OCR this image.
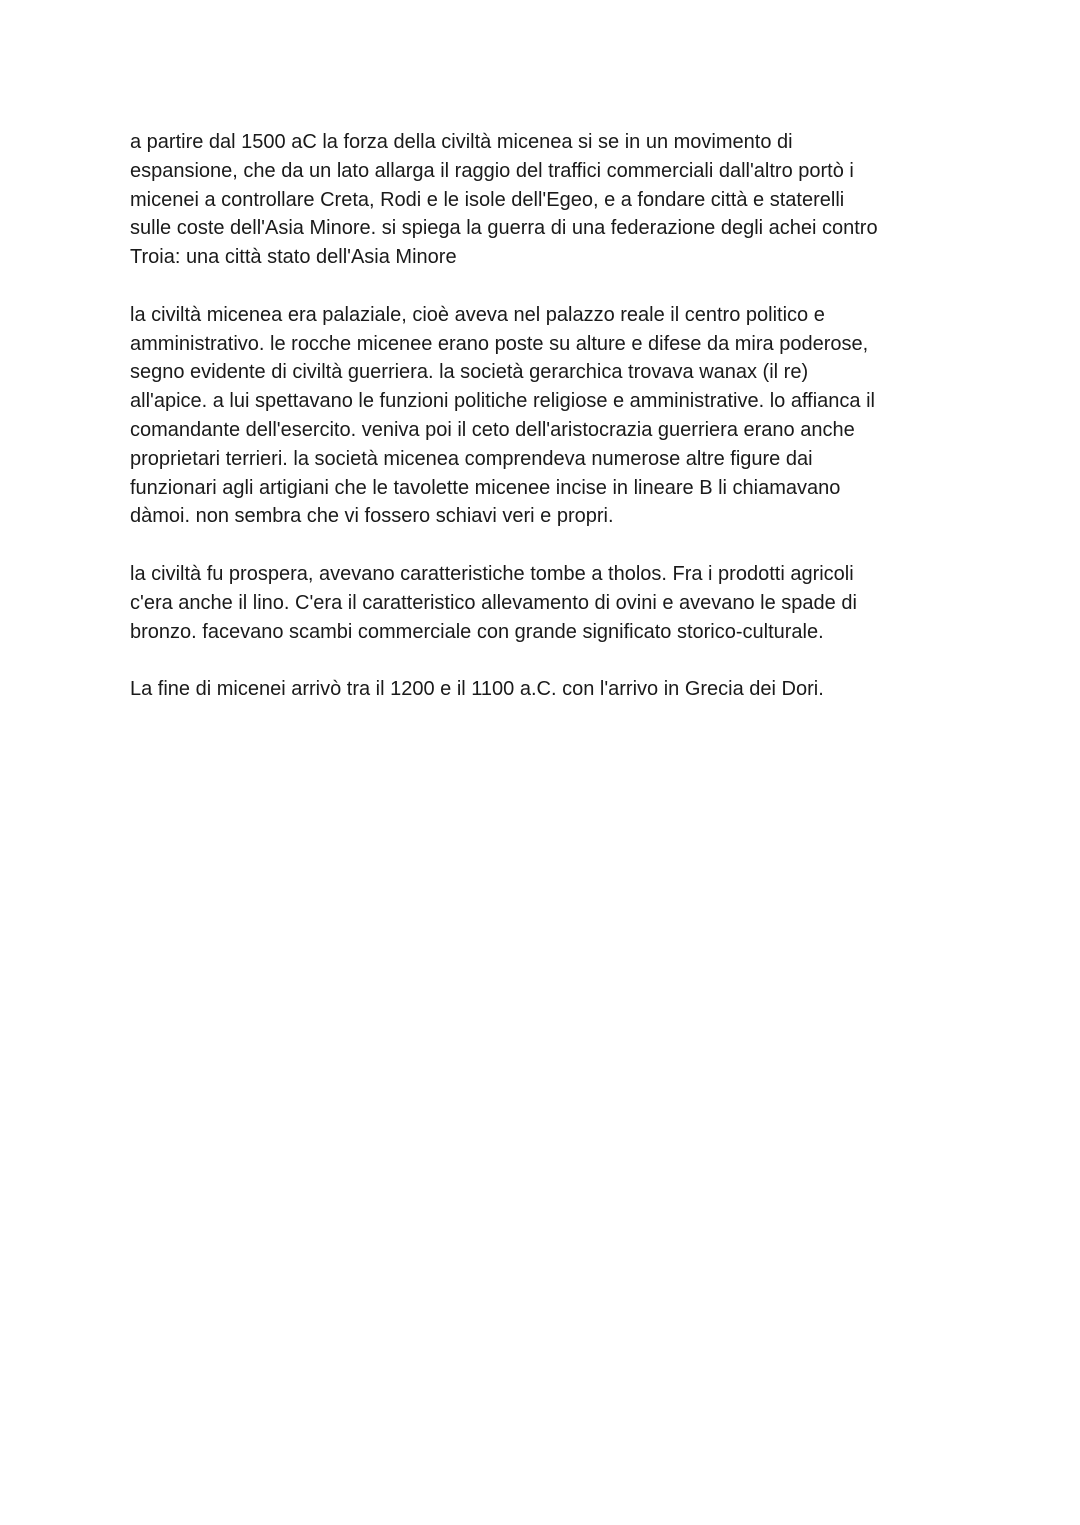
a partire dal 1500 aC la forza della civiltà micenea si se in un movimento di
espansione, che da un lato allarga il raggio del traffici commerciali dall'altro portò i
micenei a controllare Creta, Rodi e le isole dell'Egeo, e a fondare città e staterelli
sulle coste dell'Asia Minore. si spiega la guerra di una federazione degli achei contro
Troia: una città stato dell'Asia Minore
la civiltà micenea era palaziale, cioè aveva nel palazzo reale il centro politico e
amministrativo. le rocche micenee erano poste su alture e difese da mira poderose,
segno evidente di civiltà guerriera. la società gerarchica trovava wanax (il re)
all'apice. a lui spettavano le funzioni politiche religiose e amministrative. lo affianca il
comandante dell'esercito. veniva poi il ceto dell'aristocrazia guerriera erano anche
proprietari terrieri. la società micenea comprendeva numerose altre figure dai
funzionari agli artigiani che le tavolette micenee incise in lineare B li chiamavano
dàmoi. non sembra che vi fossero schiavi veri e propri.
la civiltà fu prospera, avevano caratteristiche tombe a tholos. Fra i prodotti agricoli
c'era anche il lino. C'era il caratteristico allevamento di ovini e avevano le spade di
bronzo. facevano scambi commerciale con grande significato storico-culturale.
La fine di micenei arrivò tra il 1200 e il 1100 a.C. con l'arrivo in Grecia dei Dori.
